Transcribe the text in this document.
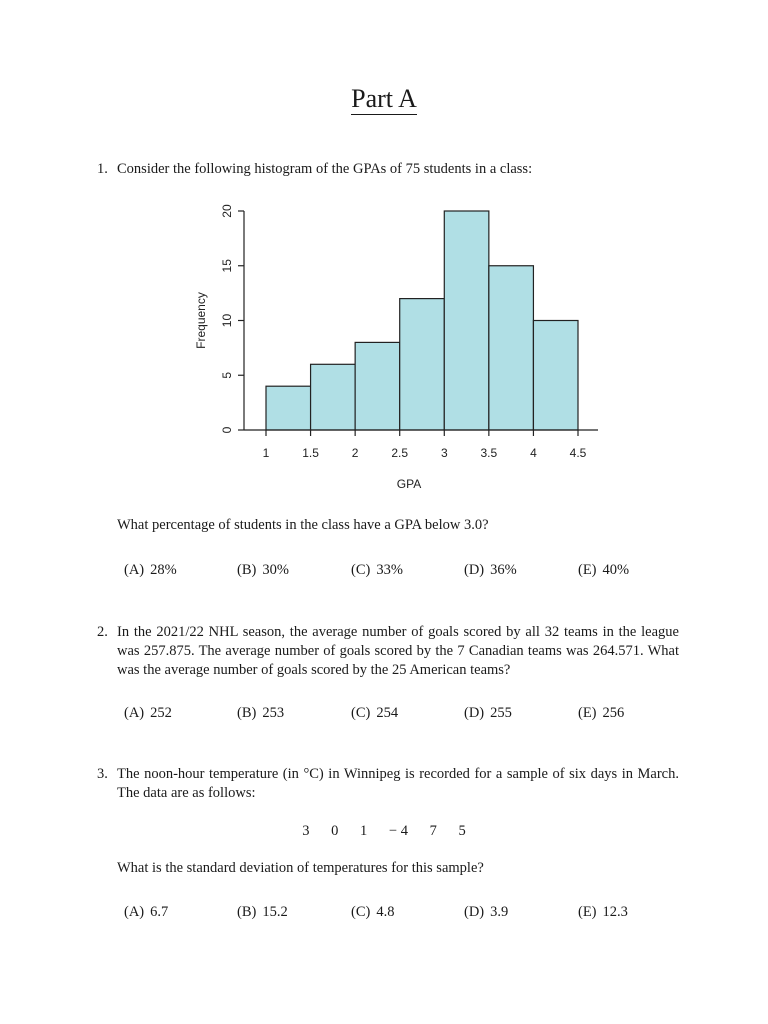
Part A
1. Consider the following histogram of the GPAs of 75 students in a class:
1	1.5	2	2.5	3	3.5	4	4.5
GPA
0
5
10
15
20
Frequency
What percentage of students in the class have a GPA below 3.0?
(A) 28%	(B) 30%	(C) 33%	(D) 36%	(E) 40%
2. In the 2021/22 NHL season, the average number of goals scored by all 32 teams in the league was 257.875. The average number of goals scored by the 7 Canadian teams was 264.571. What was the average number of goals scored by the 25 American teams?
(A) 252	(B) 253	(C) 254	(D) 255	(E) 256
3. The noon-hour temperature (in °C) in Winnipeg is recorded for a sample of six days in March. The data are as follows:
3 0 1 − 4 7 5
What is the standard deviation of temperatures for this sample?
(A) 6.7	(B) 15.2	(C) 4.8	(D) 3.9	(E) 12.3
